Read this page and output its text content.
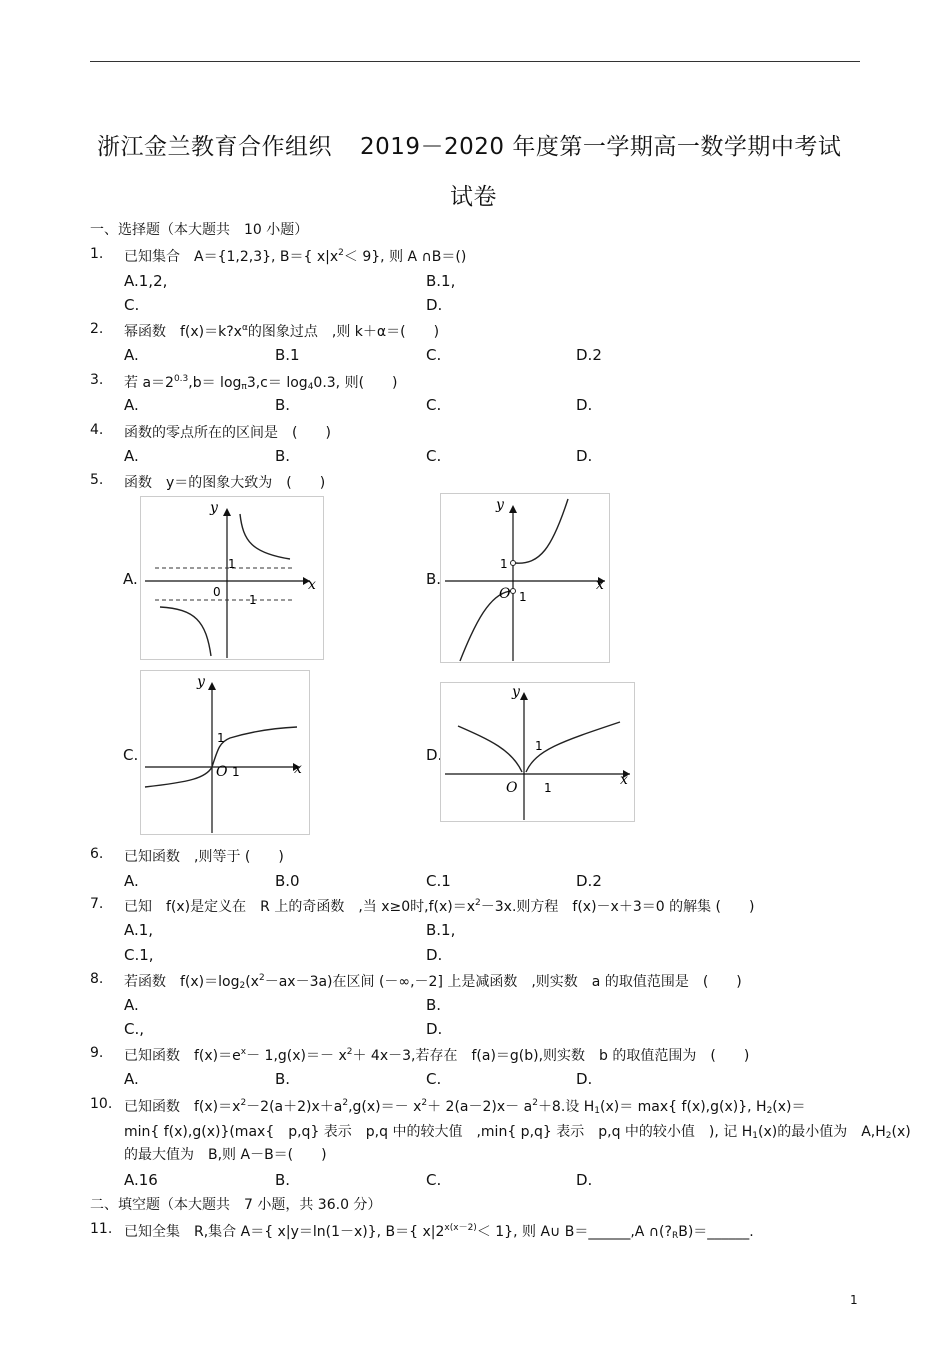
浙江金兰教育合作组织 2019－2020 年度第一学期高一数学期中考试
试卷
一、选择题（本大题共　10 小题）
1. 已知集合　A＝{1,2,3}, B＝{ $x|x^2< 9$}, 则 A ∩B＝()
A.1,2,	B.1,
C.	D.
2. 幂函数　$f(x)=k?x^\alpha$的图象过点　,则 k＋α＝(　　)
A.	B.1	C.	D.2
3. 若 $a=2^{0.3},b= \log_\pi 3,c= \log_40.3$, 则(　　)
A.	B.	C.	D.
4. 函数的零点所在的区间是　(　　)
A.	B.	C.	D.
5. 函数　y＝的图象大致为　(　　)
A.	B.
C.	D.
y
x
1
0
1
y
x
1
O 1
y
x
1
O 1
y
x
1
O 1
6. 已知函数　,则等于 (　　)
A.	B.0	C.1	D.2
7. 已知　f(x)是定义在　R 上的奇函数　,当 x≥0时$,f(x)=x^2-3x$.则方程　f(x)－x＋3＝0 的解集 (　　)
A.1,	B.1,
C.1,	D.
8. 若函数　$f(x)=\log_2(x^2-ax-3a)$在区间 (－∞,－2] 上是减函数　,则实数　a 的取值范围是　(　　)
A.	B.
C.,	D.
9. 已知函数　$f(x)=e^x- 1,g(x)=- x^2+ 4x-3$,若存在　f(a)＝g(b),则实数　b 的取值范围为　(　　)
A.	B.	C.	D.
10. 已知函数　$f(x)=x^2-2(a+2)x+a^2,g(x)=- x^2+ 2(a-2)x- a^2+8$.设 $H_1(x)= \max${ f(x),g(x)}, $H_2(x)=$
min{ f(x),g(x)}(max{　p,q} 表示　p,q 中的较大值　,min{ p,q} 表示　p,q 中的较小值　), 记 $H_1(x)$的最小值为　$A,H_2(x)$
的最大值为　B,则 A－B＝(　　)
A.16	B.	C.	D.
二、填空题（本大题共　7 小题，共 36.0 分）
11. 已知全集　R,集合 A＝{ x|y＝ln(1－x)}, B＝{ $x|2^{x(x-2)}< 1$}, 则 A∪ B＝______,A $\cap(?_RB)=\_\_\_\_\_\_$.
1
